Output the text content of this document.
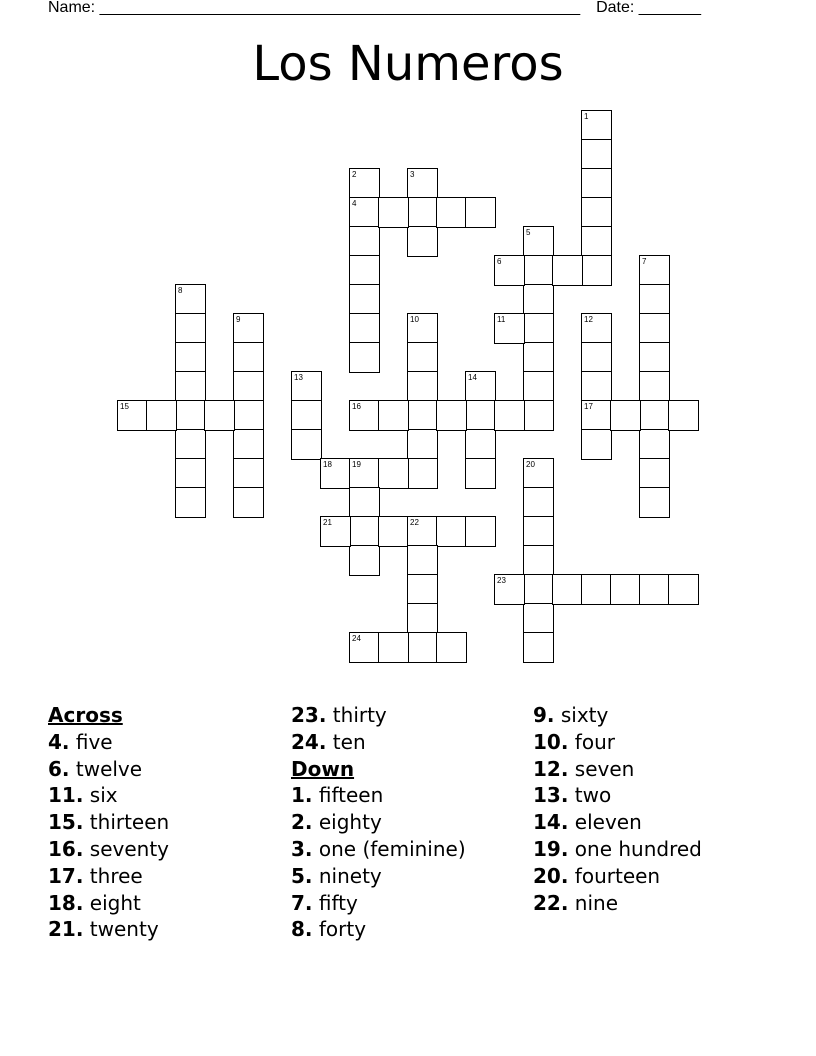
Name: ______________________________________________________ Date: _______
Los Numeros
1
2
4
3
5
6	7
8
9	10	11	12
17
13	14
15	16
18	19	20
21	22
23
24
Across
4. five
6. twelve
11. six
15. thirteen
16. seventy
17. three
18. eight
21. twenty
23. thirty
24. ten
Down
1. fifteen
2. eighty
3. one (feminine)
5. ninety
7. fifty
8. forty
9. sixty
10. four
12. seven
13. two
14. eleven
19. one hundred
20. fourteen
22. nine
